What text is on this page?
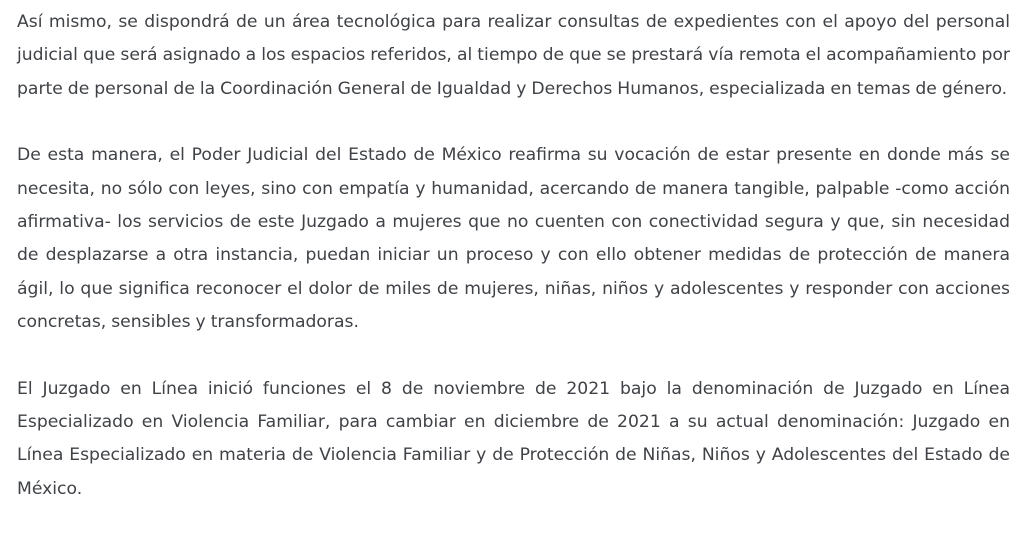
Así mismo, se dispondrá de un área tecnológica para realizar consultas de expedientes con el apoyo del personal judicial que será asignado a los espacios referidos, al tiempo de que se prestará vía remota el acompañamiento por parte de personal de la Coordinación General de Igualdad y Derechos Humanos, especializada en temas de género.

De esta manera, el Poder Judicial del Estado de México reafirma su vocación de estar presente en donde más se necesita, no sólo con leyes, sino con empatía y humanidad, acercando de manera tangible, palpable -como acción afirmativa- los servicios de este Juzgado a mujeres que no cuenten con conectividad segura y que, sin necesidad de desplazarse a otra instancia, puedan iniciar un proceso y con ello obtener medidas de protección de manera ágil, lo que significa reconocer el dolor de miles de mujeres, niñas, niños y adolescentes y responder con acciones concretas, sensibles y transformadoras.

El Juzgado en Línea inició funciones el 8 de noviembre de 2021 bajo la denominación de Juzgado en Línea Especializado en Violencia Familiar, para cambiar en diciembre de 2021 a su actual denominación: Juzgado en Línea Especializado en materia de Violencia Familiar y de Protección de Niñas, Niños y Adolescentes del Estado de México.
